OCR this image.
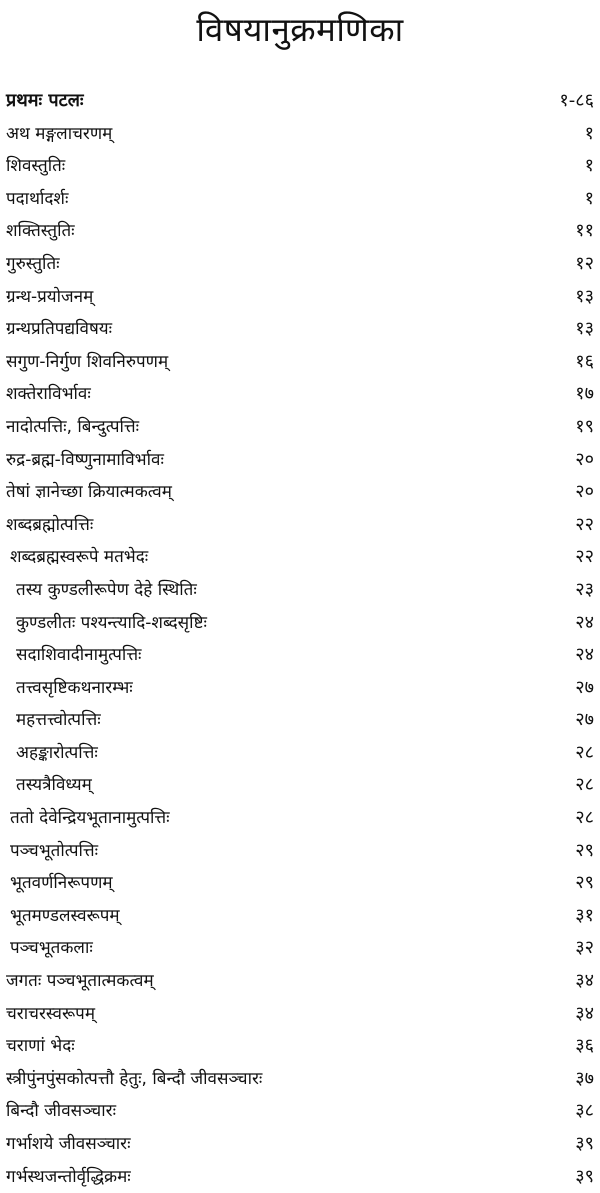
विषयानुक्रमणिका
प्रथमः पटलः	१-८६
अथ मङ्गलाचरणम्	१
शिवस्तुतिः	१
पदार्थादर्शः	१
शक्तिस्तुतिः	११
गुरुस्तुतिः	१२
ग्रन्थ-प्रयोजनम्	१३
ग्रन्थप्रतिपद्यविषयः	१३
सगुण-निर्गुण शिवनिरुपणम्	१६
शक्तेराविर्भावः	१७
नादोत्पत्तिः, बिन्दुत्पत्तिः	१९
रुद्र-ब्रह्म-विष्णुनामाविर्भावः	२०
तेषां ज्ञानेच्छा क्रियात्मकत्वम्	२०
शब्दब्रह्मोत्पत्तिः	२२
शब्दब्रह्मस्वरूपे मतभेदः	२२
तस्य कुण्डलीरूपेण देहे स्थितिः	२३
कुण्डलीतः पश्यन्त्यादि-शब्दसृष्टिः	२४
सदाशिवादीनामुत्पत्तिः	२४
तत्त्वसृष्टिकथनारम्भः	२७
महत्तत्त्वोत्पत्तिः	२७
अहङ्कारोत्पत्तिः	२८
तस्यत्रैविध्यम्	२८
ततो देवेन्द्रियभूतानामुत्पत्तिः	२८
पञ्चभूतोत्पत्तिः	२९
भूतवर्णनिरूपणम्	२९
भूतमण्डलस्वरूपम्	३१
पञ्चभूतकलाः	३२
जगतः पञ्चभूतात्मकत्वम्	३४
चराचरस्वरूपम्	३४
चराणां भेदः	३६
स्त्रीपुंनपुंसकोत्पत्तौ हेतुः, बिन्दौ जीवसञ्चारः	३७
बिन्दौ जीवसञ्चारः	३८
गर्भाशये जीवसञ्चारः	३९
गर्भस्थजन्तोर्वृद्धिक्रमः	३९
